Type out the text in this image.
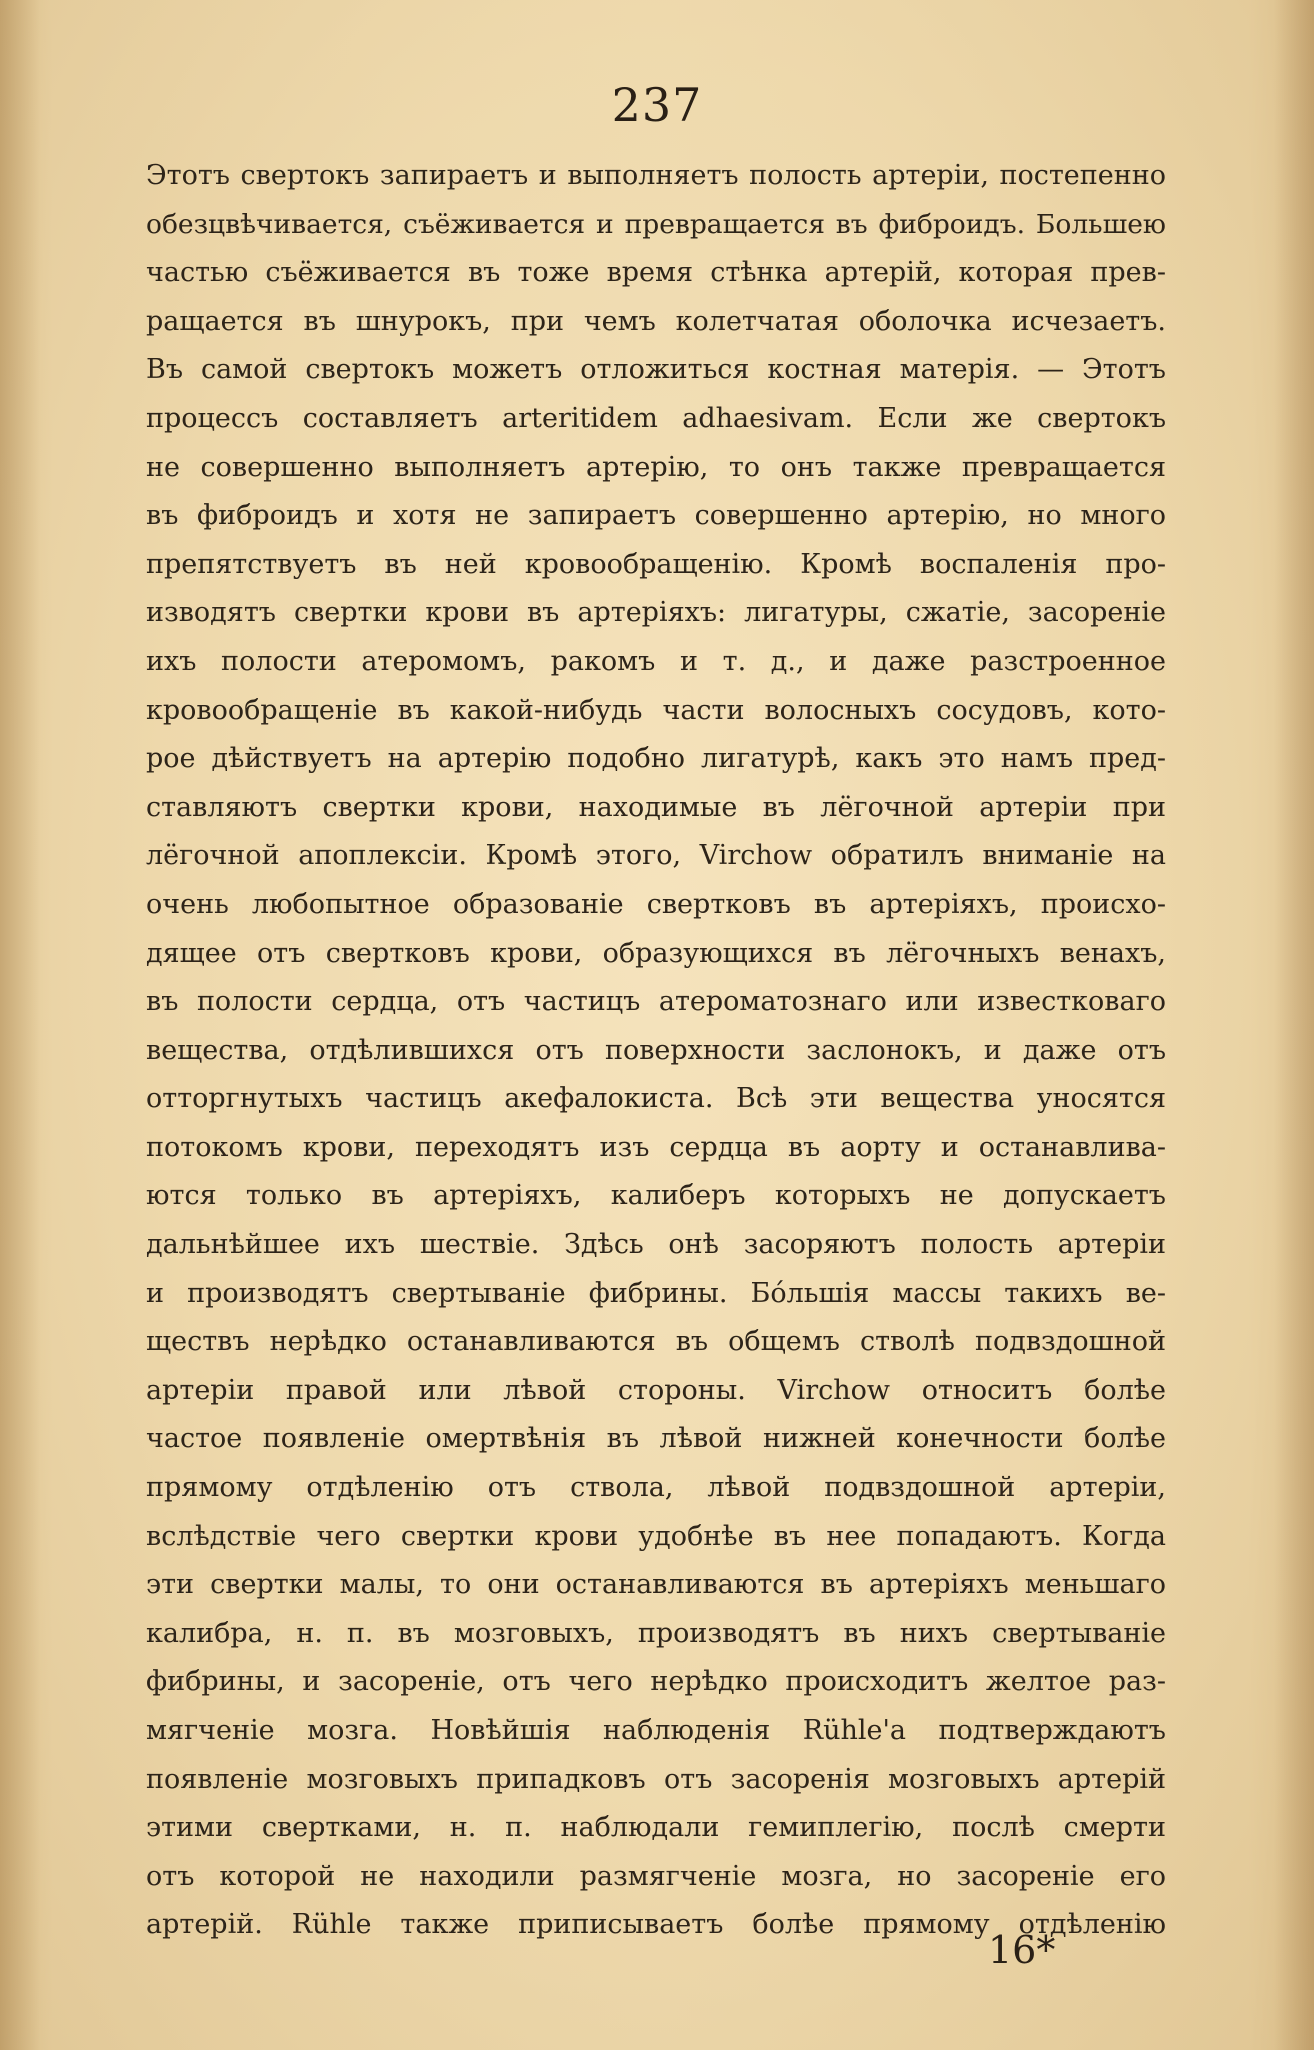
237
Этотъ свертокъ запираетъ и выполняетъ полость артеріи, постепенно
обезцвѣчивается, съёживается и превращается въ фиброидъ. Большею
частью съёживается въ тоже время стѣнка артерій, которая прев-
ращается въ шнурокъ, при чемъ колетчатая оболочка исчезаетъ.
Въ самой свертокъ можетъ отложиться костная матерія. — Этотъ
процессъ составляетъ arteritidem adhaesivam. Если же свертокъ
не совершенно выполняетъ артерію, то онъ также превращается
въ фиброидъ и хотя не запираетъ совершенно артерію, но много
препятствуетъ въ ней кровообращенію. Кромѣ воспаленія про-
изводятъ свертки крови въ артеріяхъ: лигатуры, сжатіе, засореніе
ихъ полости атеромомъ, ракомъ и т. д., и даже разстроенное
кровообращеніе въ какой-нибудь части волосныхъ сосудовъ, кото-
рое дѣйствуетъ на артерію подобно лигатурѣ, какъ это намъ пред-
ставляютъ свертки крови, находимые въ лёгочной артеріи при
лёгочной апоплексіи. Кромѣ этого, Virchow обратилъ вниманіе на
очень любопытное образованіе свертковъ въ артеріяхъ, происхо-
дящее отъ свертковъ крови, образующихся въ лёгочныхъ венахъ,
въ полости сердца, отъ частицъ атероматознаго или известковаго
вещества, отдѣлившихся отъ поверхности заслонокъ, и даже отъ
отторгнутыхъ частицъ акефалокиста. Всѣ эти вещества уносятся
потокомъ крови, переходятъ изъ сердца въ аорту и останавлива-
ются только въ артеріяхъ, калиберъ которыхъ не допускаетъ
дальнѣйшее ихъ шествіе. Здѣсь онѣ засоряютъ полость артеріи
и производятъ свертываніе фибрины. Бóльшія массы такихъ ве-
ществъ нерѣдко останавливаются въ общемъ стволѣ подвздошной
артеріи правой или лѣвой стороны. Virchow относитъ болѣе
частое появленіе омертвѣнія въ лѣвой нижней конечности болѣе
прямому отдѣленію отъ ствола, лѣвой подвздошной артеріи,
вслѣдствіе чего свертки крови удобнѣе въ нее попадаютъ. Когда
эти свертки малы, то они останавливаются въ артеріяхъ меньшаго
калибра, н. п. въ мозговыхъ, производятъ въ нихъ свертываніе
фибрины, и засореніе, отъ чего нерѣдко происходитъ желтое раз-
мягченіе мозга. Новѣйшія наблюденія Rühle'а подтверждаютъ
появленіе мозговыхъ припадковъ отъ засоренія мозговыхъ артерій
этими свертками, н. п. наблюдали гемиплегію, послѣ смерти
отъ которой не находили размягченіе мозга, но засореніе его
артерій. Rühle также приписываетъ болѣе прямому отдѣленію
16*
